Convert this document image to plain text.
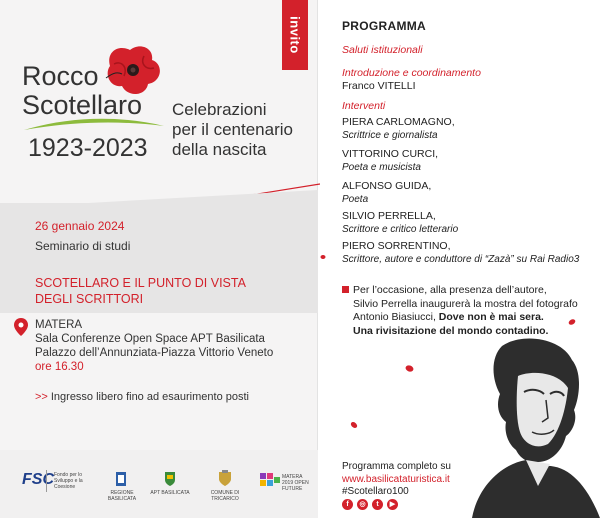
invito
Rocco
Scotellaro
1923-2023
Celebrazioni
per il centenario
della nascita
26 gennaio 2024
Seminario di studi
SCOTELLARO E IL PUNTO DI VISTA
DEGLI SCRITTORI
MATERA
Sala Conferenze Open Space APT Basilicata
Palazzo dell’Annunziata-Piazza Vittorio Veneto
ore 16.30
>> Ingresso libero fino ad esaurimento posti
FSC Fondo per lo Sviluppo e la Coesione
REGIONE BASILICATA
APT BASILICATA	COMUNE DI TRICARICO
MATERA 2019 OPEN FUTURE
PROGRAMMA
Saluti istituzionali
Introduzione e coordinamento
Franco VITELLI
Interventi
PIERA CARLOMAGNO,
Scrittrice e giornalista
VITTORINO CURCI,
Poeta e musicista
ALFONSO GUIDA,
Poeta
SILVIO PERRELLA,
Scrittore e critico letterario
PIERO SORRENTINO,
Scrittore, autore e conduttore di “Zazà” su Rai Radio3
Per l’occasione, alla presenza dell’autore,
Silvio Perrella inaugurerà la mostra del fotografo
Antonio Biasiucci, Dove non è mai sera.
Una rivisitazione del mondo contadino.
Programma completo su
www.basilicataturistica.it
#Scotellaro100
f	◎	t	▶
